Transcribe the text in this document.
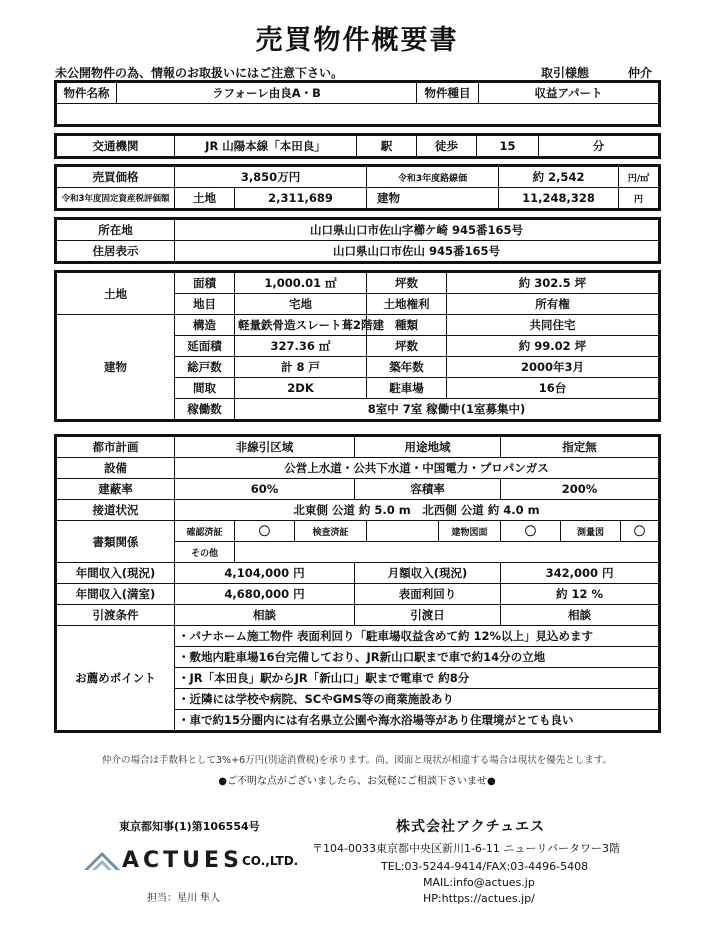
売買物件概要書
未公開物件の為、情報のお取扱いにはご注意下さい。	取引様態	仲介
物件名称	ラフォーレ由良A・B	物件種目	収益アパート

交通機関	JR 山陽本線「本田良」	駅	徒歩	15	分
売買価格	3,850万円		令和3年度路線価	約 2,542	円/㎡
令和3年度固定資産税評価額	土地	2,311,689	建物	11,248,328	円
所在地	山口県山口市佐山字櫛ケ崎 945番165号
住居表示	山口県山口市佐山 945番165号
土地	面積	1,000.01 ㎡	坪数	約 302.5 坪
	地目	宅地	土地権利	所有権
建物	構造	軽量鉄骨造スレート葺2階建	種類	共同住宅
	延面積	327.36 ㎡	坪数	約 99.02 坪
	総戸数	計 8 戸	築年数	2000年3月
	間取	2DK	駐車場	16台
	稼働数	8室中 7室 稼働中(1室募集中)		
都市計画	非線引区域			用途地域			指定無		
設備	公営上水道・公共下水道・中国電力・プロパンガス								
建蔽率	60%			容積率			200%		
接道状況	北東側 公道 約 5.0 m　北西側 公道 約 4.0 m								
書類関係	確認済証	〇	検査済証			建物図面	〇	測量図	〇
	その他								
年間収入(現況)	4,104,000 円			月額収入(現況)			342,000 円		
年間収入(満室)	4,680,000 円			表面利回り			約 12 %		
引渡条件	相談			引渡日			相談		
お薦めポイント	・パナホーム施工物件 表面利回り「駐車場収益含めて約 12%以上」見込めます								
	・敷地内駐車場16台完備しており、JR新山口駅まで車で約14分の立地								
	・JR「本田良」駅からJR「新山口」駅まで電車で 約8分								
	・近隣には学校や病院、SCやGMS等の商業施設あり								
	・車で約15分圏内には有名県立公園や海水浴場等があり住環境がとても良い								
仲介の場合は手数料として3%+6万円(別途消費税)を承ります。尚、図面と現状が相違する場合は現状を優先とします。
●ご不明な点がございましたら、お気軽にご相談下さいませ●
東京都知事(1)第106554号	株式会社アクチュエス
〒104-0033東京都中央区新川1-6-11 ニューリバータワー3階
TEL:03-5244-9414/FAX:03-4496-5408
MAIL:info@actues.jp
HP:https://actues.jp/
ACTUES CO.,LTD.
担当：星川 隼人
